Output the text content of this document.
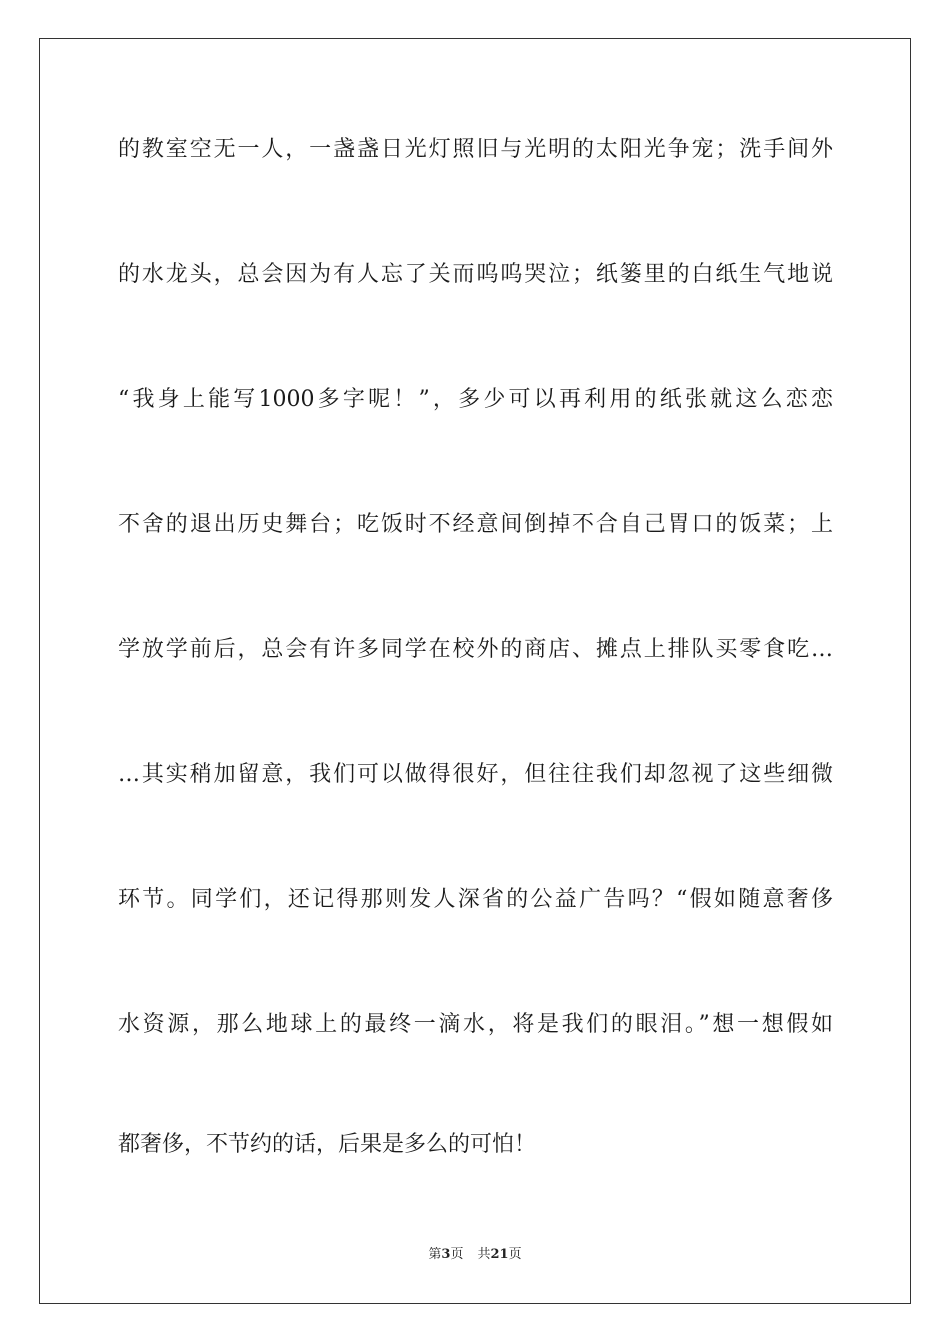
的教室空无一人，一盏盏日光灯照旧与光明的太阳光争宠；洗手间外
的水龙头，总会因为有人忘了关而呜呜哭泣；纸篓里的白纸生气地说
“我身上能写1000多字呢！”，多少可以再利用的纸张就这么恋恋
不舍的退出历史舞台；吃饭时不经意间倒掉不合自己胃口的饭菜；上
学放学前后，总会有许多同学在校外的商店、摊点上排队买零食吃…
…其实稍加留意，我们可以做得很好，但往往我们却忽视了这些细微
环节。同学们，还记得那则发人深省的公益广告吗？“假如随意奢侈
水资源，那么地球上的最终一滴水，将是我们的眼泪。”想一想假如
都奢侈，不节约的话，后果是多么的可怕！
第3页 共21页
